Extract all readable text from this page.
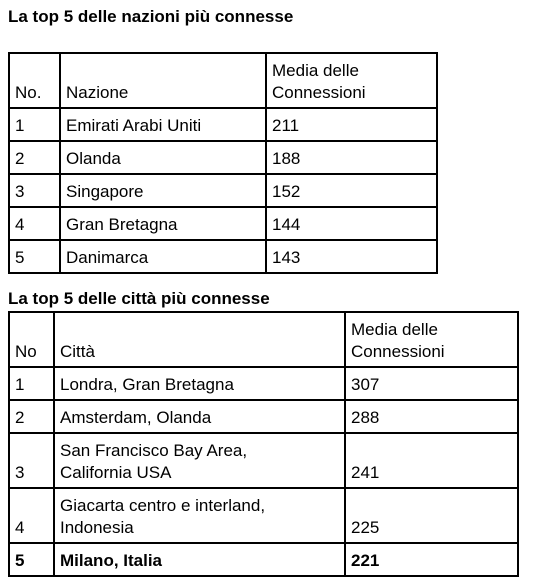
La top 5 delle nazioni più connesse
No.	Nazione	Media delle
Connessioni
1	Emirati Arabi Uniti	211
2	Olanda	188
3	Singapore	152
4	Gran Bretagna	144
5	Danimarca	143
La top 5 delle città più connesse
No	Città	Media delle
Connessioni
1	Londra, Gran Bretagna	307
2	Amsterdam, Olanda	288
3	San Francisco Bay Area,
California USA	241
4	Giacarta centro e interland,
Indonesia	225
5	Milano, Italia	221
